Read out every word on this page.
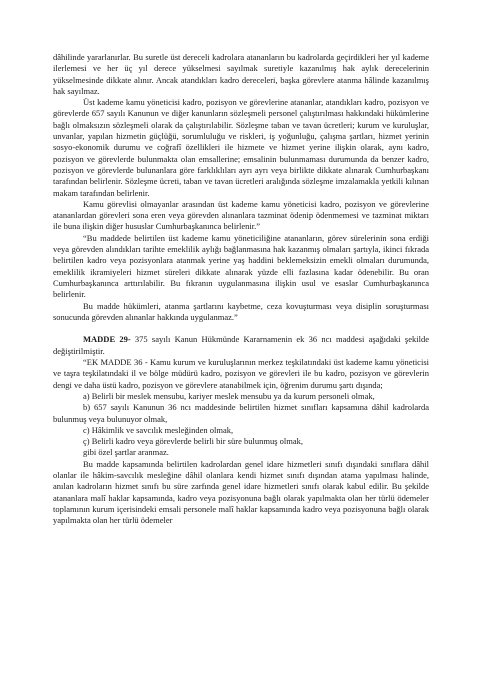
dâhilinde yararlanırlar. Bu suretle üst dereceli kadrolara atananların bu kadrolarda geçirdikleri her yıl kademe ilerlemesi ve her üç yıl derece yükselmesi sayılmak suretiyle kazanılmış hak aylık derecelerinin yükselmesinde dikkate alınır. Ancak atandıkları kadro dereceleri, başka görevlere atanma hâlinde kazanılmış hak sayılmaz.

Üst kademe kamu yöneticisi kadro, pozisyon ve görevlerine atananlar, atandıkları kadro, pozisyon ve görevlerde 657 sayılı Kanunun ve diğer kanunların sözleşmeli personel çalıştırılması hakkındaki hükümlerine bağlı olmaksızın sözleşmeli olarak da çalıştırılabilir. Sözleşme taban ve tavan ücretleri; kurum ve kuruluşlar, unvanlar, yapılan hizmetin güçlüğü, sorumluluğu ve riskleri, iş yoğunluğu, çalışma şartları, hizmet yerinin sosyo-ekonomik durumu ve coğrafî özellikleri ile hizmete ve hizmet yerine ilişkin olarak, aynı kadro, pozisyon ve görevlerde bulunmakta olan emsallerine; emsalinin bulunmaması durumunda da benzer kadro, pozisyon ve görevlerde bulunanlara göre farklıklıları ayrı ayrı veya birlikte dikkate alınarak Cumhurbaşkanı tarafından belirlenir. Sözleşme ücreti, taban ve tavan ücretleri aralığında sözleşme imzalamakla yetkili kılınan makam tarafından belirlenir.

Kamu görevlisi olmayanlar arasından üst kademe kamu yöneticisi kadro, pozisyon ve görevlerine atananlardan görevleri sona eren veya görevden alınanlara tazminat ödenip ödenmemesi ve tazminat miktarı ile buna ilişkin diğer hususlar Cumhurbaşkanınca belirlenir.”

“Bu maddede belirtilen üst kademe kamu yöneticiliğine atananların, görev sürelerinin sona erdiği veya görevden alındıkları tarihte emeklilik aylığı bağlanmasına hak kazanmış olmaları şartıyla, ikinci fıkrada belirtilen kadro veya pozisyonlara atanmak yerine yaş haddini beklemeksizin emekli olmaları durumunda, emeklilik ikramiyeleri hizmet süreleri dikkate alınarak yüzde elli fazlasına kadar ödenebilir. Bu oran Cumhurbaşkanınca arttırılabilir. Bu fıkranın uygulanmasına ilişkin usul ve esaslar Cumhurbaşkanınca belirlenir.

Bu madde hükümleri, atanma şartlarını kaybetme, ceza kovuşturması veya disiplin soruşturması sonucunda görevden alınanlar hakkında uygulanmaz.”

MADDE 29- 375 sayılı Kanun Hükmünde Kararnamenin ek 36 ncı maddesi aşağıdaki şekilde değiştirilmiştir.

“EK MADDE 36 - Kamu kurum ve kuruluşlarının merkez teşkilatındaki üst kademe kamu yöneticisi ve taşra teşkilatındaki il ve bölge müdürü kadro, pozisyon ve görevleri ile bu kadro, pozisyon ve görevlerin dengi ve daha üstü kadro, pozisyon ve görevlere atanabilmek için, öğrenim durumu şartı dışında;

a) Belirli bir meslek mensubu, kariyer meslek mensubu ya da kurum personeli olmak,

b) 657 sayılı Kanunun 36 ncı maddesinde belirtilen hizmet sınıfları kapsamına dâhil kadrolarda bulunmuş veya bulunuyor olmak,

c) Hâkimlik ve savcılık mesleğinden olmak,

ç) Belirli kadro veya görevlerde belirli bir süre bulunmuş olmak,

gibi özel şartlar aranmaz.

Bu madde kapsamında belirtilen kadrolardan genel idare hizmetleri sınıfı dışındaki sınıflara dâhil olanlar ile hâkim-savcılık mesleğine dâhil olanlara kendi hizmet sınıfı dışından atama yapılması halinde, anılan kadroların hizmet sınıfı bu süre zarfında genel idare hizmetleri sınıfı olarak kabul edilir. Bu şekilde atananlara malî haklar kapsamında, kadro veya pozisyonuna bağlı olarak yapılmakta olan her türlü ödemeler toplamının kurum içerisindeki emsali personele malî haklar kapsamında kadro veya pozisyonuna bağlı olarak yapılmakta olan her türlü ödemeler
